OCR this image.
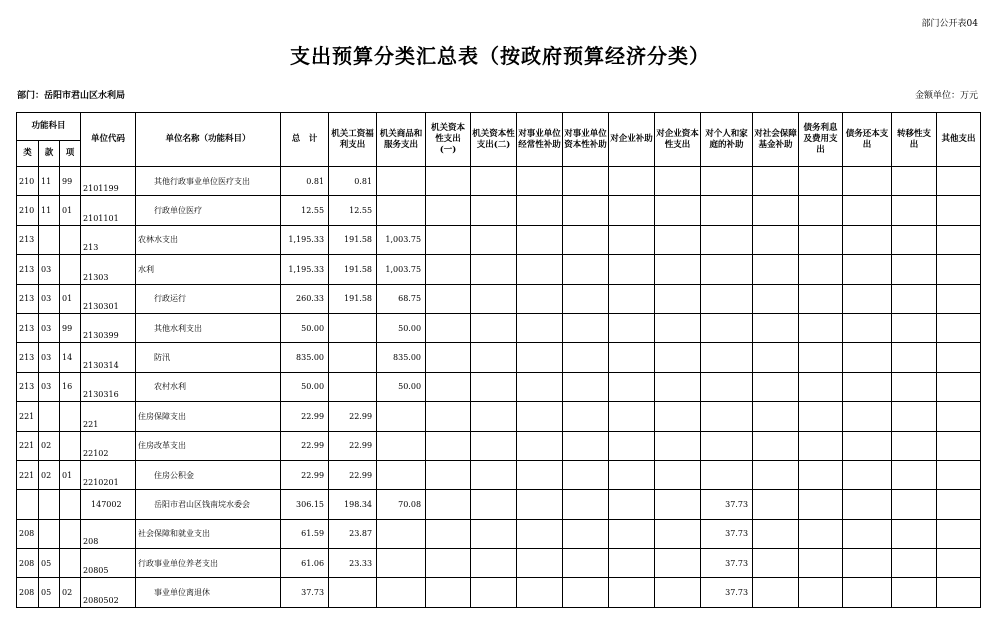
部门公开表04
支出预算分类汇总表（按政府预算经济分类）
部门：岳阳市君山区水利局	金额单位：万元
功能科目			单位代码	单位名称（功能科目）	总　计	机关工资福利支出	机关商品和服务支出	机关资本性支出(一)	机关资本性支出(二)	对事业单位经常性补助	对事业单位资本性补助	对企业补助	对企业资本性支出	对个人和家庭的补助	对社会保障基金补助	债务利息及费用支出	债务还本支出	转移性支出	其他支出
类	款	项																	
210	11	99	2101199	其他行政事业单位医疗支出	0.81	0.81													
210	11	01	2101101	行政单位医疗	12.55	12.55													
213			213	农林水支出	1,195.33	191.58	1,003.75												
213	03		21303	水利	1,195.33	191.58	1,003.75												
213	03	01	2130301	行政运行	260.33	191.58	68.75												
213	03	99	2130399	其他水利支出	50.00		50.00												
213	03	14	2130314	防汛	835.00		835.00												
213	03	16	2130316	农村水利	50.00		50.00												
221			221	住房保障支出	22.99	22.99													
221	02		22102	住房改革支出	22.99	22.99													
221	02	01	2210201	住房公积金	22.99	22.99													
			147002	岳阳市君山区钱南垸水委会	306.15	198.34	70.08							37.73					
208			208	社会保障和就业支出	61.59	23.87								37.73					
208	05		20805	行政事业单位养老支出	61.06	23.33								37.73					
208	05	02	2080502	事业单位离退休	37.73									37.73					
